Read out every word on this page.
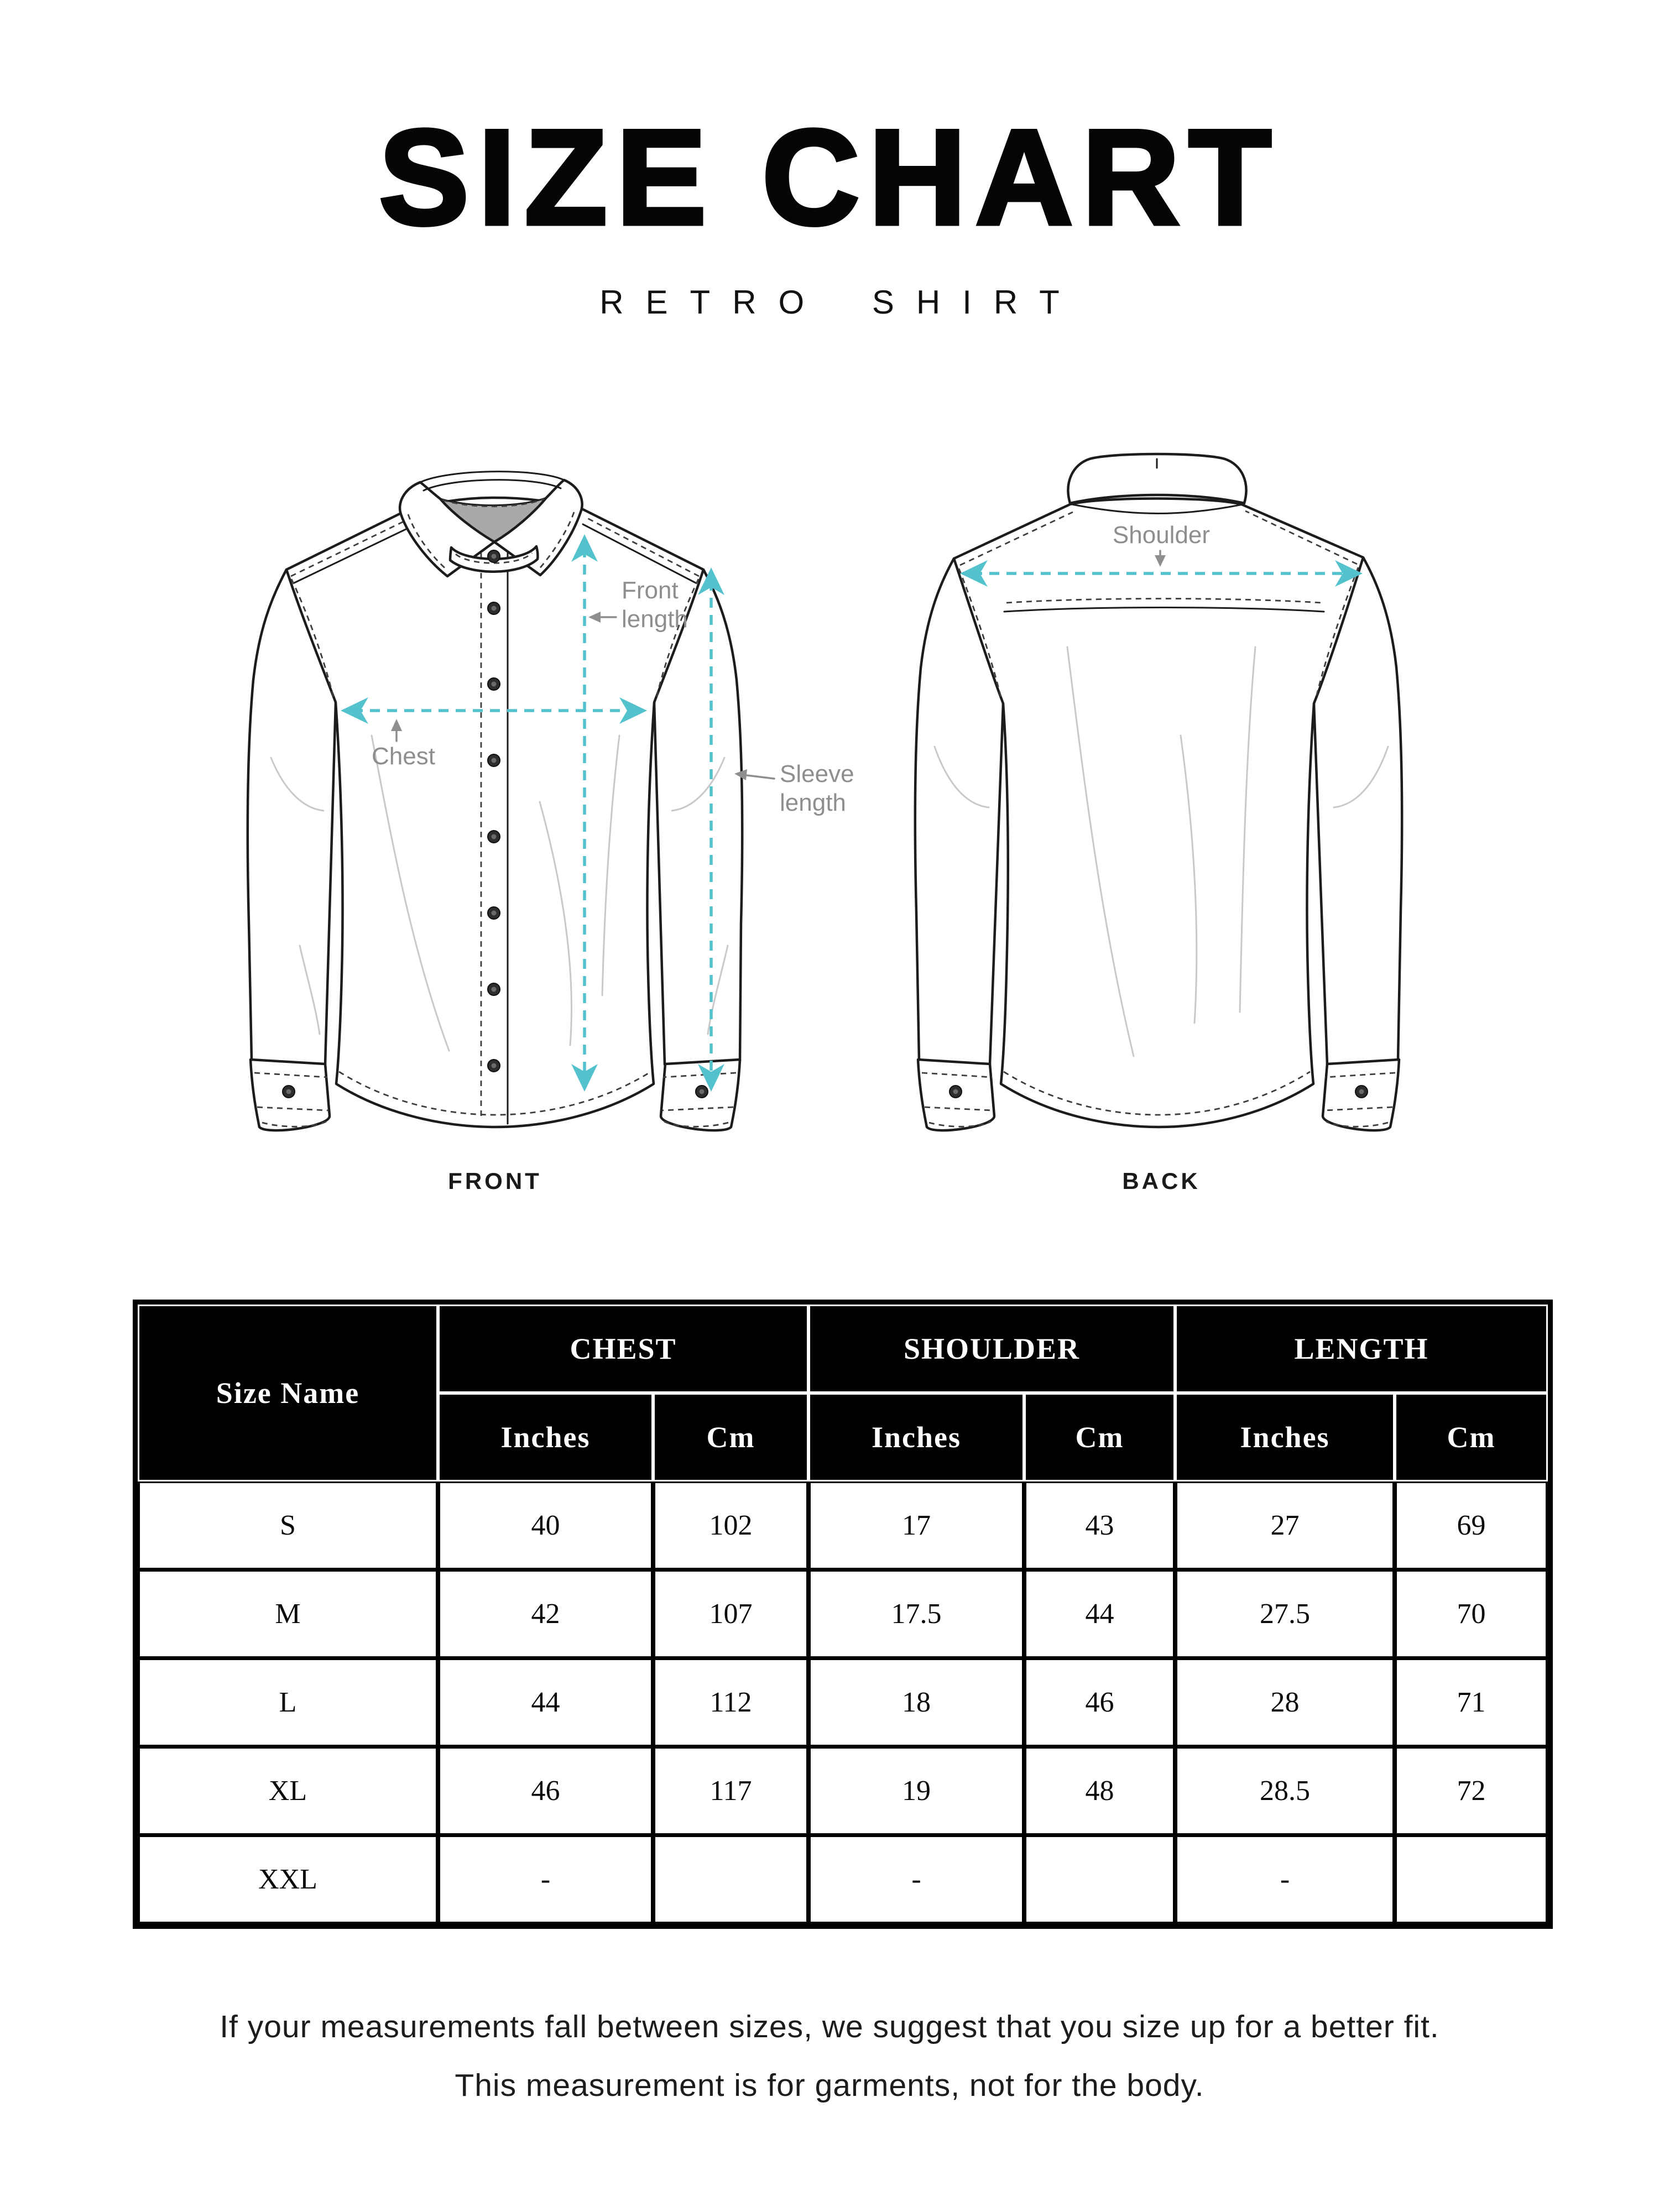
SIZE CHART
RETRO SHIRT
Front
length
Chest
Sleeve
length
Shoulder
FRONT	BACK
Size Name	CHEST		SHOULDER		LENGTH	
	Inches	Cm	Inches	Cm	Inches	Cm
S	40	102	17	43	27	69
M	42	107	17.5	44	27.5	70
L	44	112	18	46	28	71
XL	46	117	19	48	28.5	72
XXL	-		-		-	
If your measurements fall between sizes, we suggest that you size up for a better fit.
This measurement is for garments, not for the body.
